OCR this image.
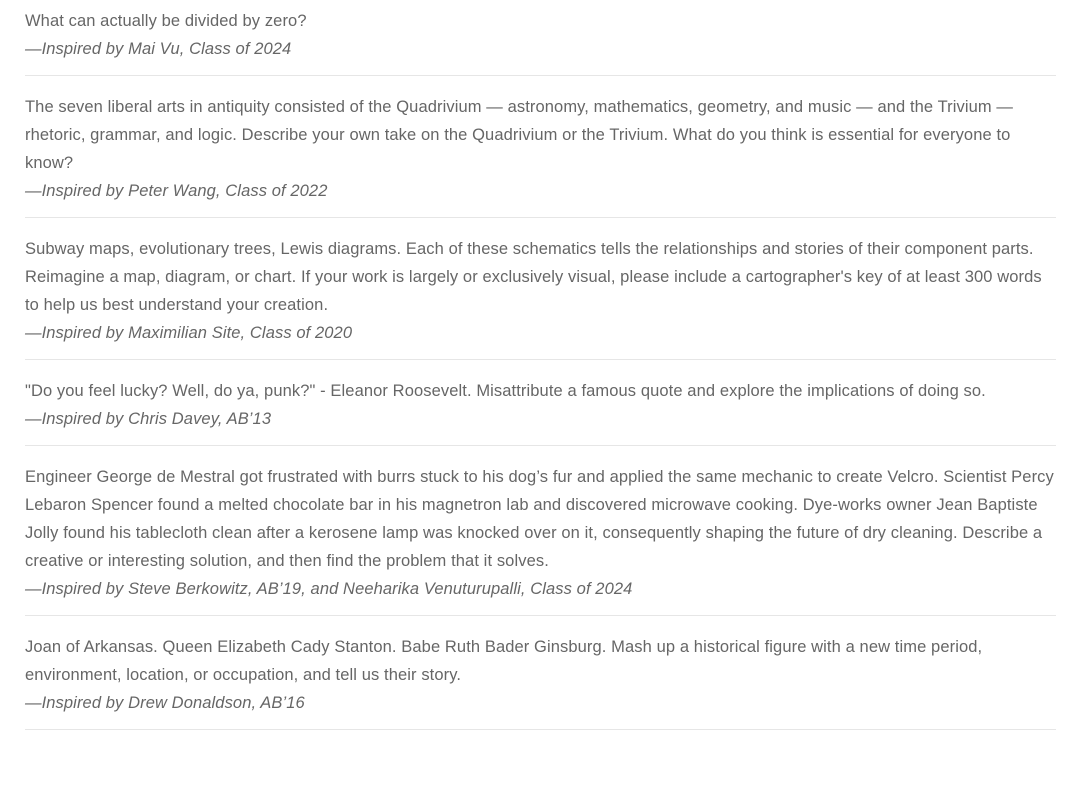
What can actually be divided by zero?

—Inspired by Mai Vu, Class of 2024

The seven liberal arts in antiquity consisted of the Quadrivium — astronomy, mathematics, geometry, and music — and the Trivium — rhetoric, grammar, and logic. Describe your own take on the Quadrivium or the Trivium. What do you think is essential for everyone to know?

—Inspired by Peter Wang, Class of 2022

Subway maps, evolutionary trees, Lewis diagrams. Each of these schematics tells the relationships and stories of their component parts. Reimagine a map, diagram, or chart. If your work is largely or exclusively visual, please include a cartographer's key of at least 300 words to help us best understand your creation.

—Inspired by Maximilian Site, Class of 2020

"Do you feel lucky? Well, do ya, punk?" - Eleanor Roosevelt. Misattribute a famous quote and explore the implications of doing so.

—Inspired by Chris Davey, AB’13

Engineer George de Mestral got frustrated with burrs stuck to his dog’s fur and applied the same mechanic to create Velcro. Scientist Percy Lebaron Spencer found a melted chocolate bar in his magnetron lab and discovered microwave cooking. Dye-works owner Jean Baptiste Jolly found his tablecloth clean after a kerosene lamp was knocked over on it, consequently shaping the future of dry cleaning. Describe a creative or interesting solution, and then find the problem that it solves.

—Inspired by Steve Berkowitz, AB’19, and Neeharika Venuturupalli, Class of 2024

Joan of Arkansas. Queen Elizabeth Cady Stanton. Babe Ruth Bader Ginsburg. Mash up a historical figure with a new time period, environment, location, or occupation, and tell us their story.

—Inspired by Drew Donaldson, AB’16
